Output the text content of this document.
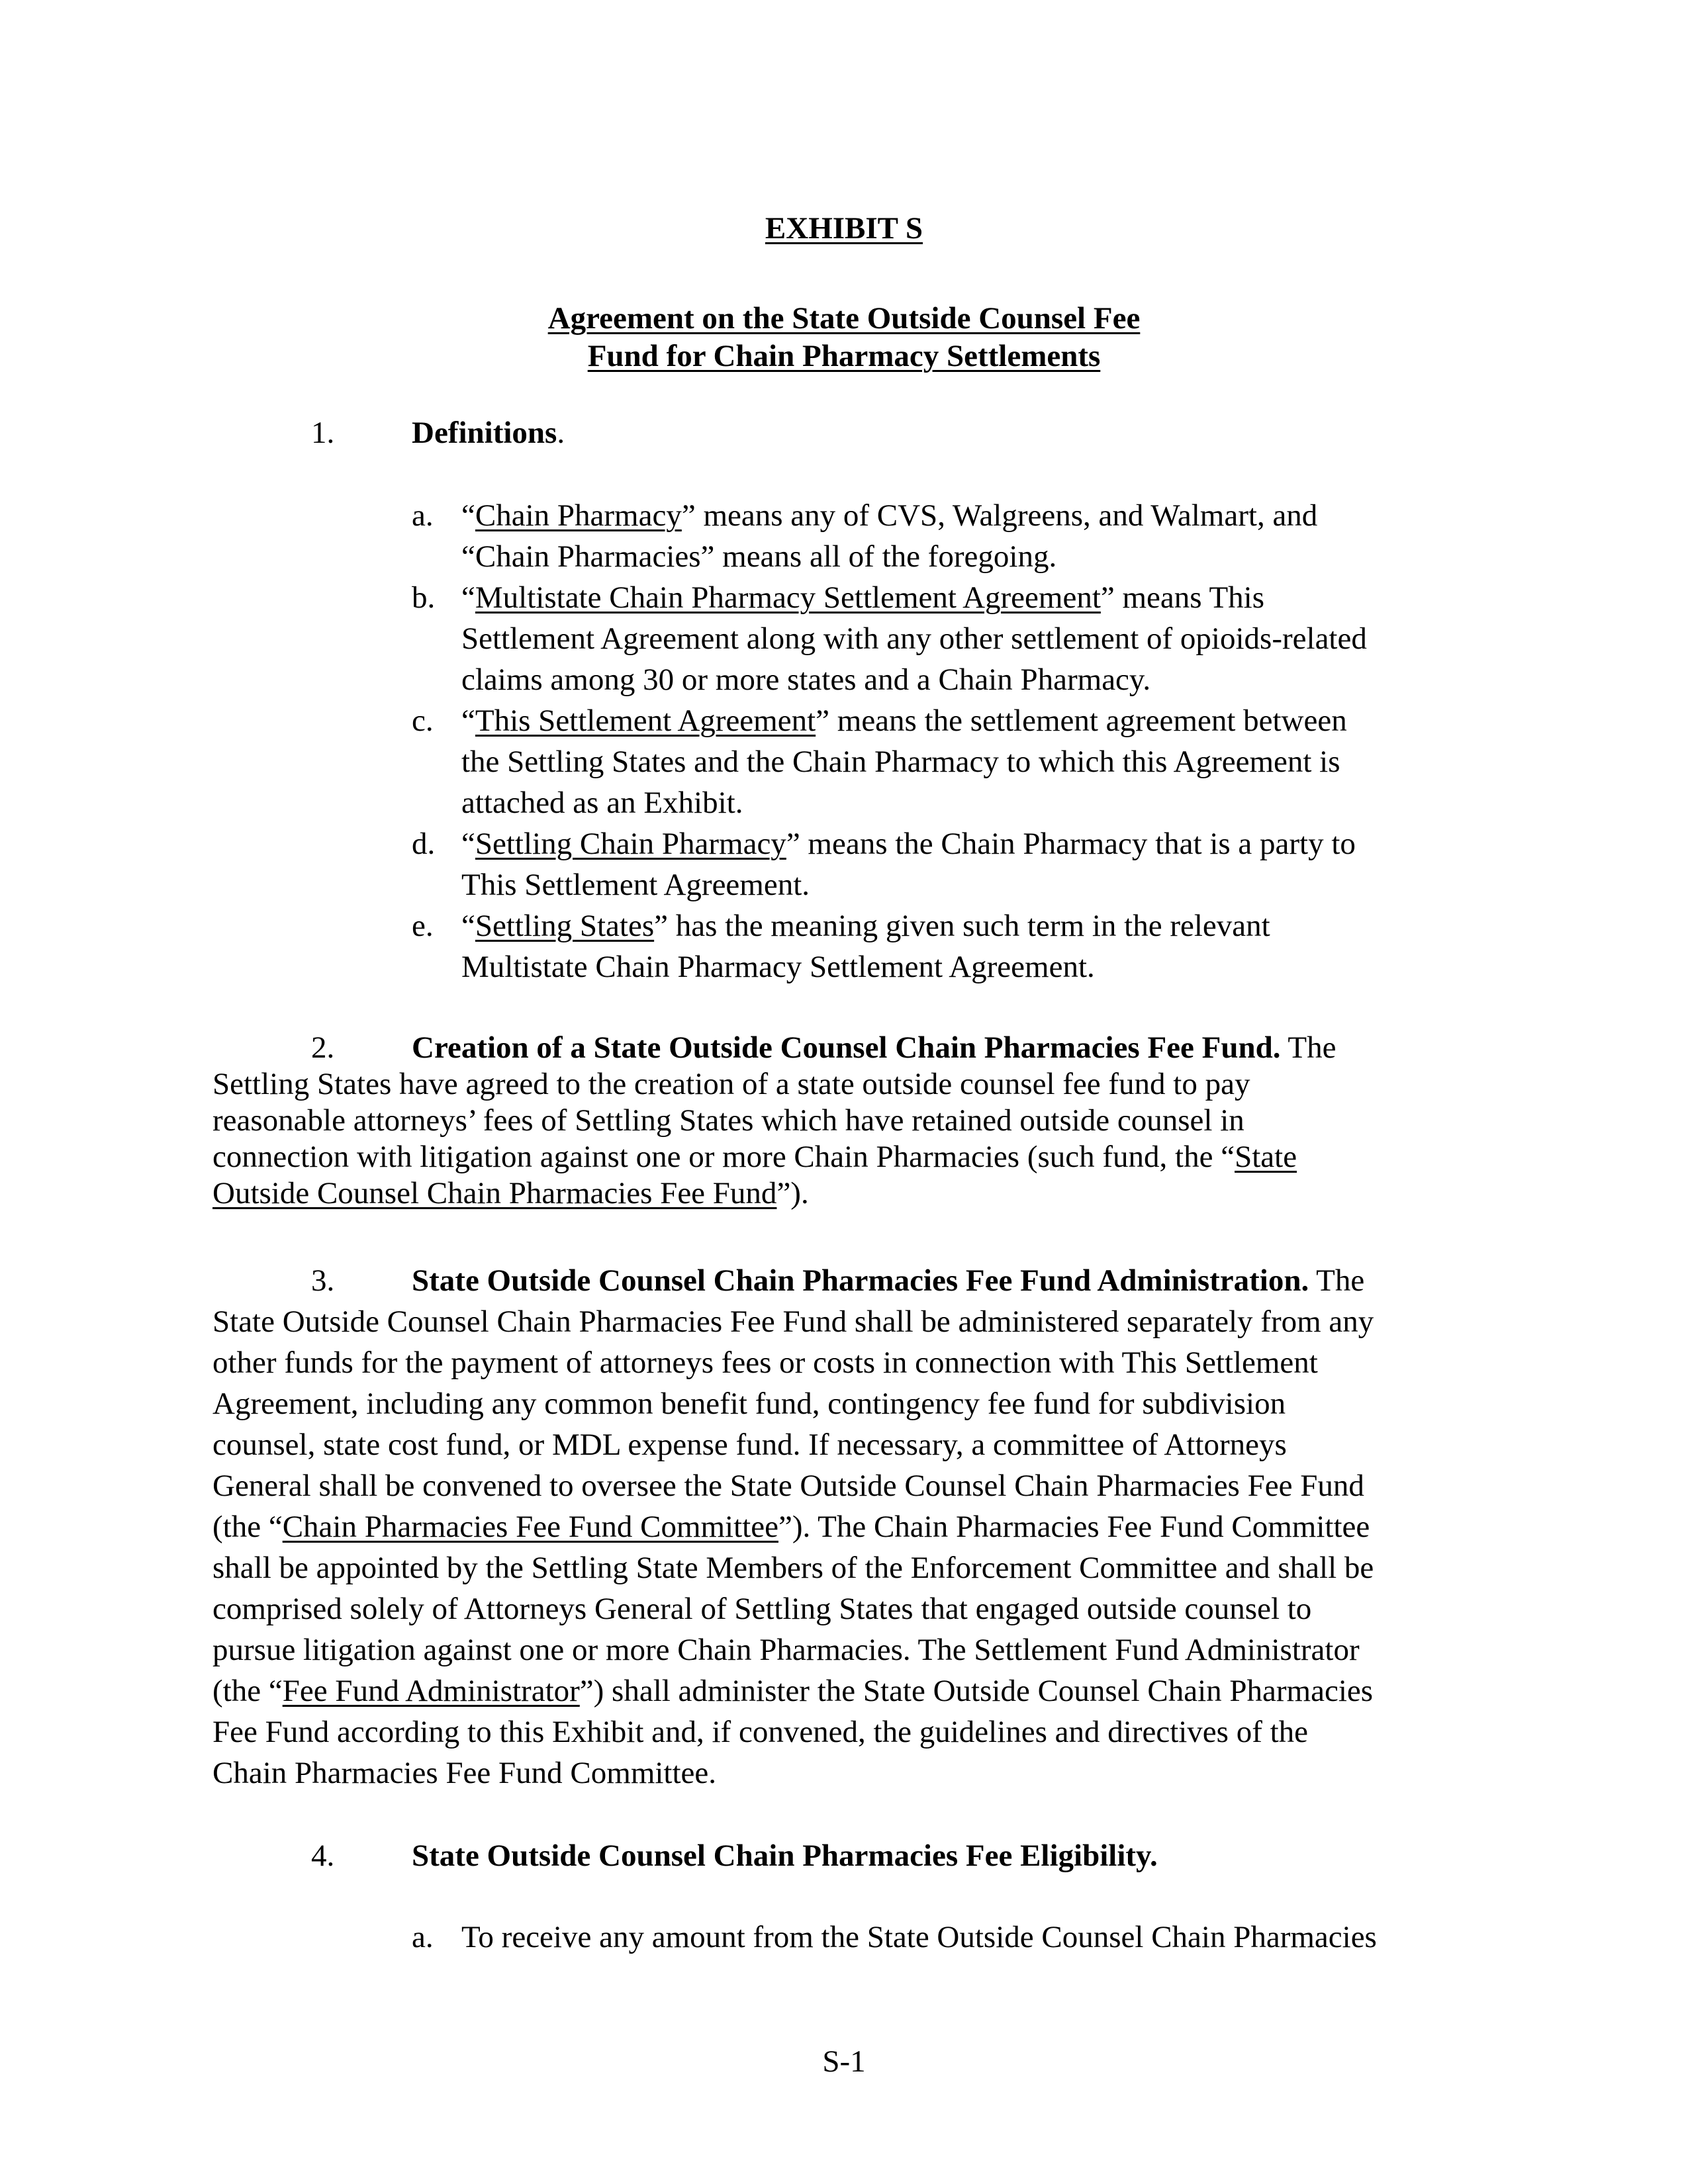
EXHIBIT S

Agreement on the State Outside Counsel Fee

Fund for Chain Pharmacy Settlements

1. Definitions.

a. “Chain Pharmacy” means any of CVS, Walgreens, and Walmart, and

“Chain Pharmacies” means all of the foregoing.

b. “Multistate Chain Pharmacy Settlement Agreement” means This

Settlement Agreement along with any other settlement of opioids-related

claims among 30 or more states and a Chain Pharmacy.

c. “This Settlement Agreement” means the settlement agreement between

the Settling States and the Chain Pharmacy to which this Agreement is

attached as an Exhibit.

d. “Settling Chain Pharmacy” means the Chain Pharmacy that is a party to

This Settlement Agreement.

e. “Settling States” has the meaning given such term in the relevant

Multistate Chain Pharmacy Settlement Agreement.

2. Creation of a State Outside Counsel Chain Pharmacies Fee Fund. The

Settling States have agreed to the creation of a state outside counsel fee fund to pay

reasonable attorneys’ fees of Settling States which have retained outside counsel in

connection with litigation against one or more Chain Pharmacies (such fund, the “State

Outside Counsel Chain Pharmacies Fee Fund”).

3. State Outside Counsel Chain Pharmacies Fee Fund Administration. The

State Outside Counsel Chain Pharmacies Fee Fund shall be administered separately from any

other funds for the payment of attorneys fees or costs in connection with This Settlement

Agreement, including any common benefit fund, contingency fee fund for subdivision

counsel, state cost fund, or MDL expense fund. If necessary, a committee of Attorneys

General shall be convened to oversee the State Outside Counsel Chain Pharmacies Fee Fund

(the “Chain Pharmacies Fee Fund Committee”). The Chain Pharmacies Fee Fund Committee

shall be appointed by the Settling State Members of the Enforcement Committee and shall be

comprised solely of Attorneys General of Settling States that engaged outside counsel to

pursue litigation against one or more Chain Pharmacies. The Settlement Fund Administrator

(the “Fee Fund Administrator”) shall administer the State Outside Counsel Chain Pharmacies

Fee Fund according to this Exhibit and, if convened, the guidelines and directives of the

Chain Pharmacies Fee Fund Committee.

4. State Outside Counsel Chain Pharmacies Fee Eligibility.

a. To receive any amount from the State Outside Counsel Chain Pharmacies

S-1
